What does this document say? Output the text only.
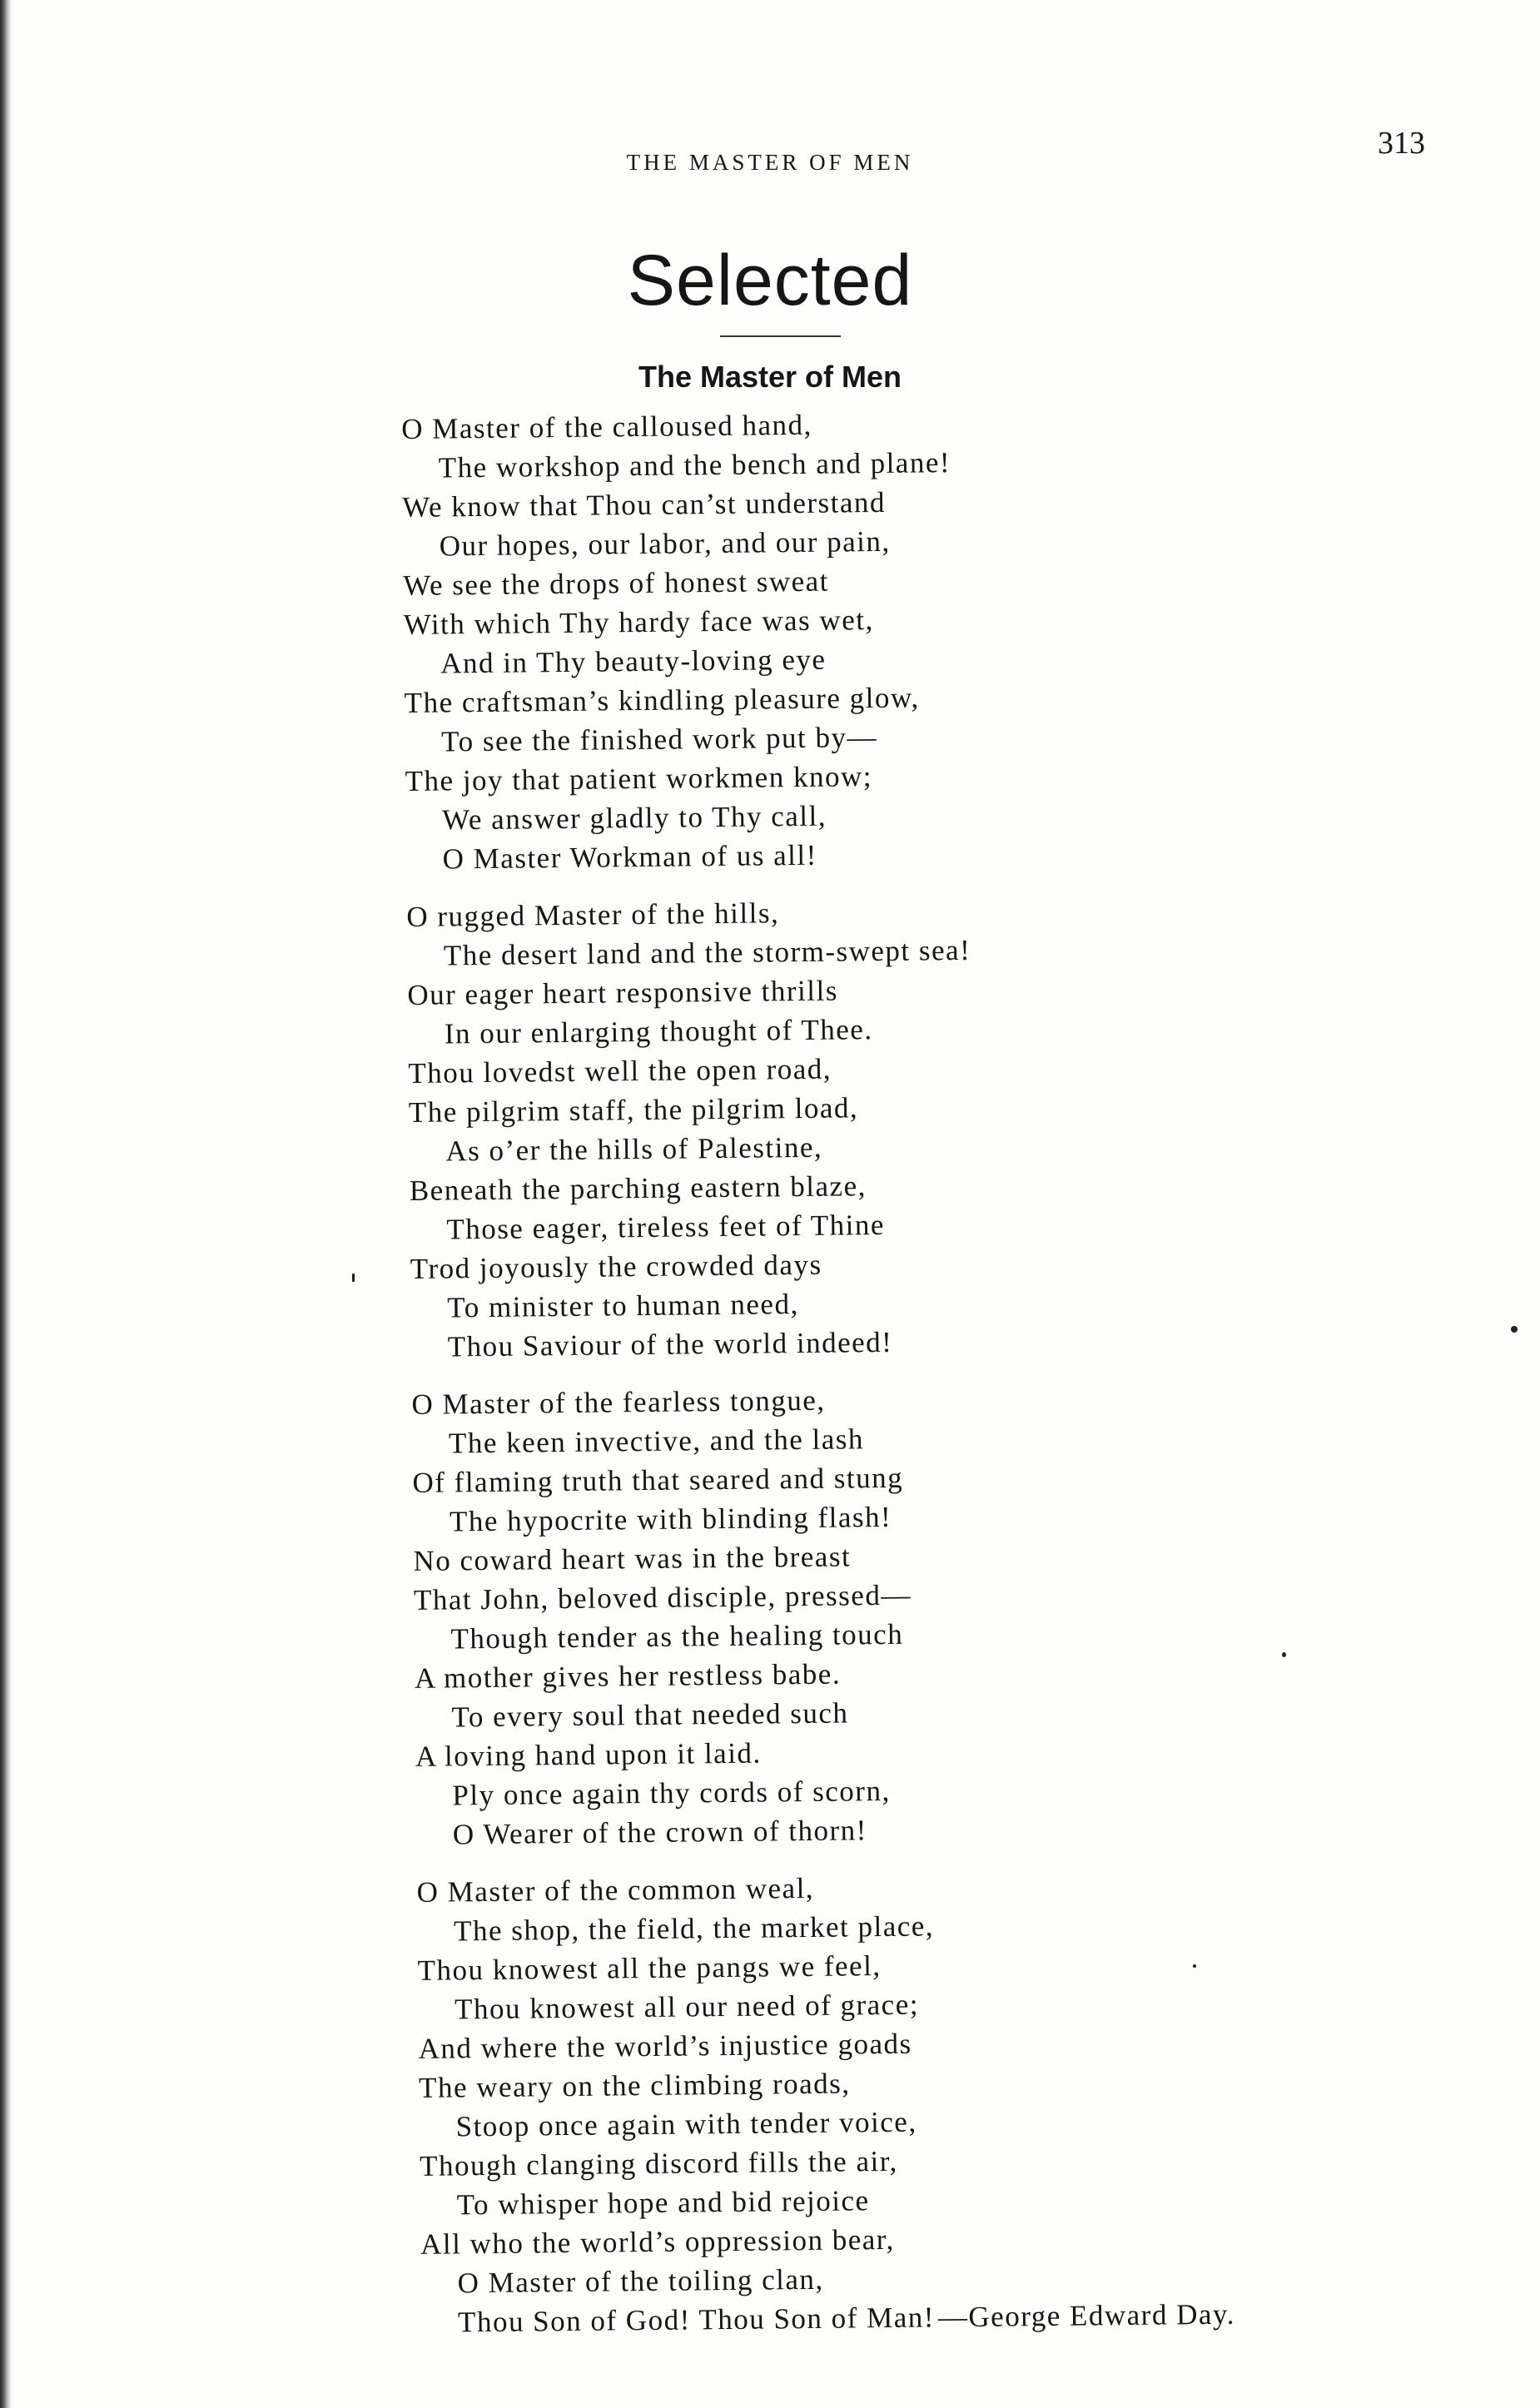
THE MASTER OF MEN
313
Selected
The Master of Men
O Master of the calloused hand,
The workshop and the bench and plane!
We know that Thou can’st understand
Our hopes, our labor, and our pain,
We see the drops of honest sweat
With which Thy hardy face was wet,
And in Thy beauty-loving eye
The craftsman’s kindling pleasure glow,
To see the finished work put by—
The joy that patient workmen know;
We answer gladly to Thy call,
O Master Workman of us all!
O rugged Master of the hills,
The desert land and the storm-swept sea!
Our eager heart responsive thrills
In our enlarging thought of Thee.
Thou lovedst well the open road,
The pilgrim staff, the pilgrim load,
As o’er the hills of Palestine,
Beneath the parching eastern blaze,
Those eager, tireless feet of Thine
Trod joyously the crowded days
To minister to human need,
Thou Saviour of the world indeed!
O Master of the fearless tongue,
The keen invective, and the lash
Of flaming truth that seared and stung
The hypocrite with blinding flash!
No coward heart was in the breast
That John, beloved disciple, pressed—
Though tender as the healing touch
A mother gives her restless babe.
To every soul that needed such
A loving hand upon it laid.
Ply once again thy cords of scorn,
O Wearer of the crown of thorn!
O Master of the common weal,
The shop, the field, the market place,
Thou knowest all the pangs we feel,
Thou knowest all our need of grace;
And where the world’s injustice goads
The weary on the climbing roads,
Stoop once again with tender voice,
Though clanging discord fills the air,
To whisper hope and bid rejoice
All who the world’s oppression bear,
O Master of the toiling clan,
Thou Son of God! Thou Son of Man! —George Edward Day.
